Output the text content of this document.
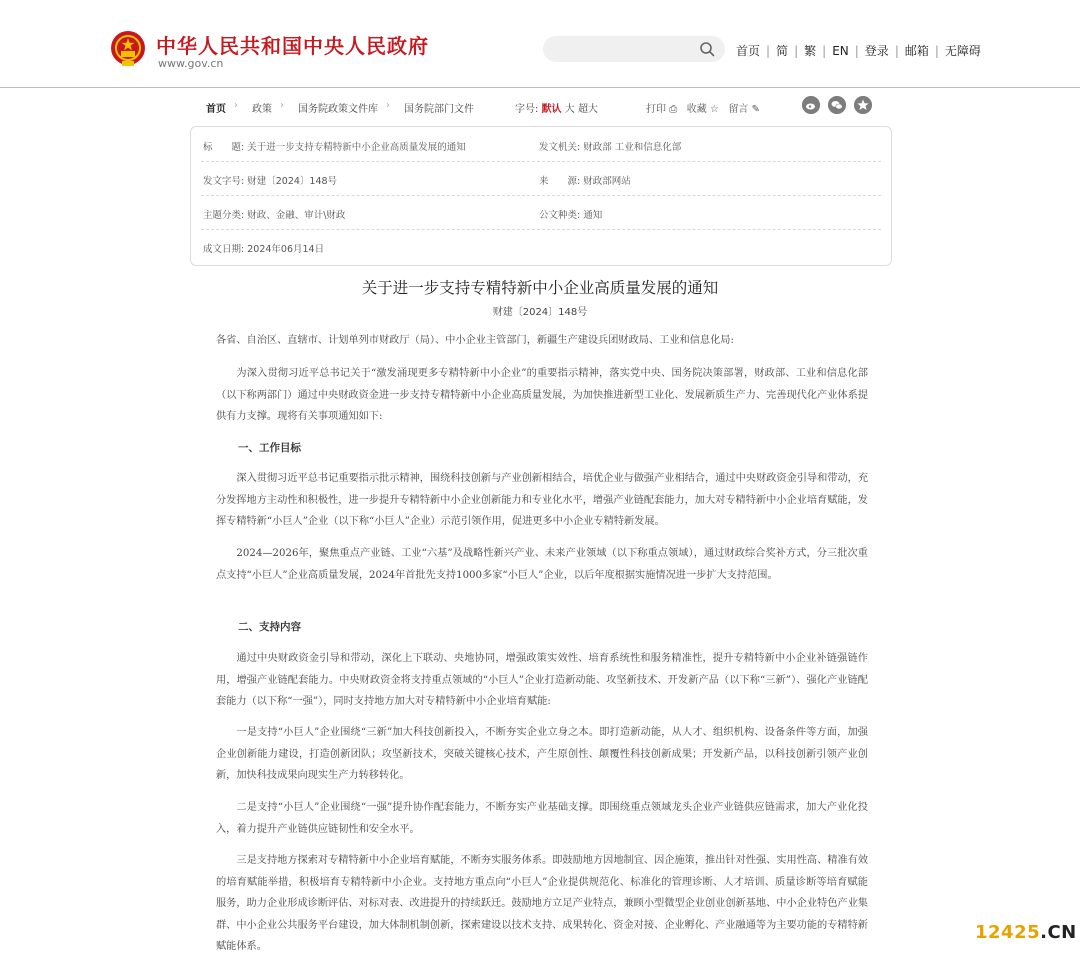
中华人民共和国中央人民政府
www.gov.cn
首页 | 简 | 繁 | EN | 登录 | 邮箱 | 无障碍
首页 › 政策 › 国务院政策文件库 › 国务院部门文件	字号: 默认 大 超大	打印 ⎙ 收藏 ☆ 留言 ✎
标　　题: 关于进一步支持专精特新中小企业高质量发展的通知	发文机关: 财政部 工业和信息化部
发文字号: 财建〔2024〕148号	来　　源: 财政部网站
主题分类: 财政、金融、审计\财政	公文种类: 通知
成文日期: 2024年06月14日
关于进一步支持专精特新中小企业高质量发展的通知
财建〔2024〕148号
各省、自治区、直辖市、计划单列市财政厅（局）、中小企业主管部门，新疆生产建设兵团财政局、工业和信息化局:
为深入贯彻习近平总书记关于“激发涌现更多专精特新中小企业”的重要指示精神，落实党中央、国务院决策部署，财政部、工业和信息化部（以下称两部门）通过中央财政资金进一步支持专精特新中小企业高质量发展，为加快推进新型工业化、发展新质生产力、完善现代化产业体系提供有力支撑。现将有关事项通知如下:
一、工作目标
深入贯彻习近平总书记重要指示批示精神，围绕科技创新与产业创新相结合，培优企业与做强产业相结合，通过中央财政资金引导和带动，充分发挥地方主动性和积极性，进一步提升专精特新中小企业创新能力和专业化水平，增强产业链配套能力，加大对专精特新中小企业培育赋能，发挥专精特新“小巨人”企业（以下称“小巨人”企业）示范引领作用，促进更多中小企业专精特新发展。
2024—2026年，聚焦重点产业链、工业“六基”及战略性新兴产业、未来产业领域（以下称重点领域），通过财政综合奖补方式，分三批次重点支持“小巨人”企业高质量发展，2024年首批先支持1000多家“小巨人”企业，以后年度根据实施情况进一步扩大支持范围。
二、支持内容
通过中央财政资金引导和带动，深化上下联动、央地协同，增强政策实效性、培育系统性和服务精准性，提升专精特新中小企业补链强链作用，增强产业链配套能力。中央财政资金将支持重点领域的“小巨人”企业打造新动能、攻坚新技术、开发新产品（以下称“三新”）、强化产业链配套能力（以下称“一强”），同时支持地方加大对专精特新中小企业培育赋能:
一是支持“小巨人”企业围绕“三新”加大科技创新投入，不断夯实企业立身之本。即打造新动能，从人才、组织机构、设备条件等方面，加强企业创新能力建设，打造创新团队；攻坚新技术，突破关键核心技术，产生原创性、颠覆性科技创新成果；开发新产品，以科技创新引领产业创新，加快科技成果向现实生产力转移转化。
二是支持“小巨人”企业围绕“一强”提升协作配套能力，不断夯实产业基础支撑。即围绕重点领域龙头企业产业链供应链需求，加大产业化投入，着力提升产业链供应链韧性和安全水平。
三是支持地方探索对专精特新中小企业培育赋能，不断夯实服务体系。即鼓励地方因地制宜、因企施策，推出针对性强、实用性高、精准有效的培育赋能举措，积极培育专精特新中小企业。支持地方重点向“小巨人”企业提供规范化、标准化的管理诊断、人才培训、质量诊断等培育赋能服务，助力企业形成诊断评估、对标对表、改进提升的持续跃迁。鼓励地方立足产业特点，兼顾小型微型企业创业创新基地、中小企业特色产业集群、中小企业公共服务平台建设，加大体制机制创新，探索建设以技术支持、成果转化、资金对接、企业孵化、产业融通等为主要功能的专精特新赋能体系。
12425.CN
